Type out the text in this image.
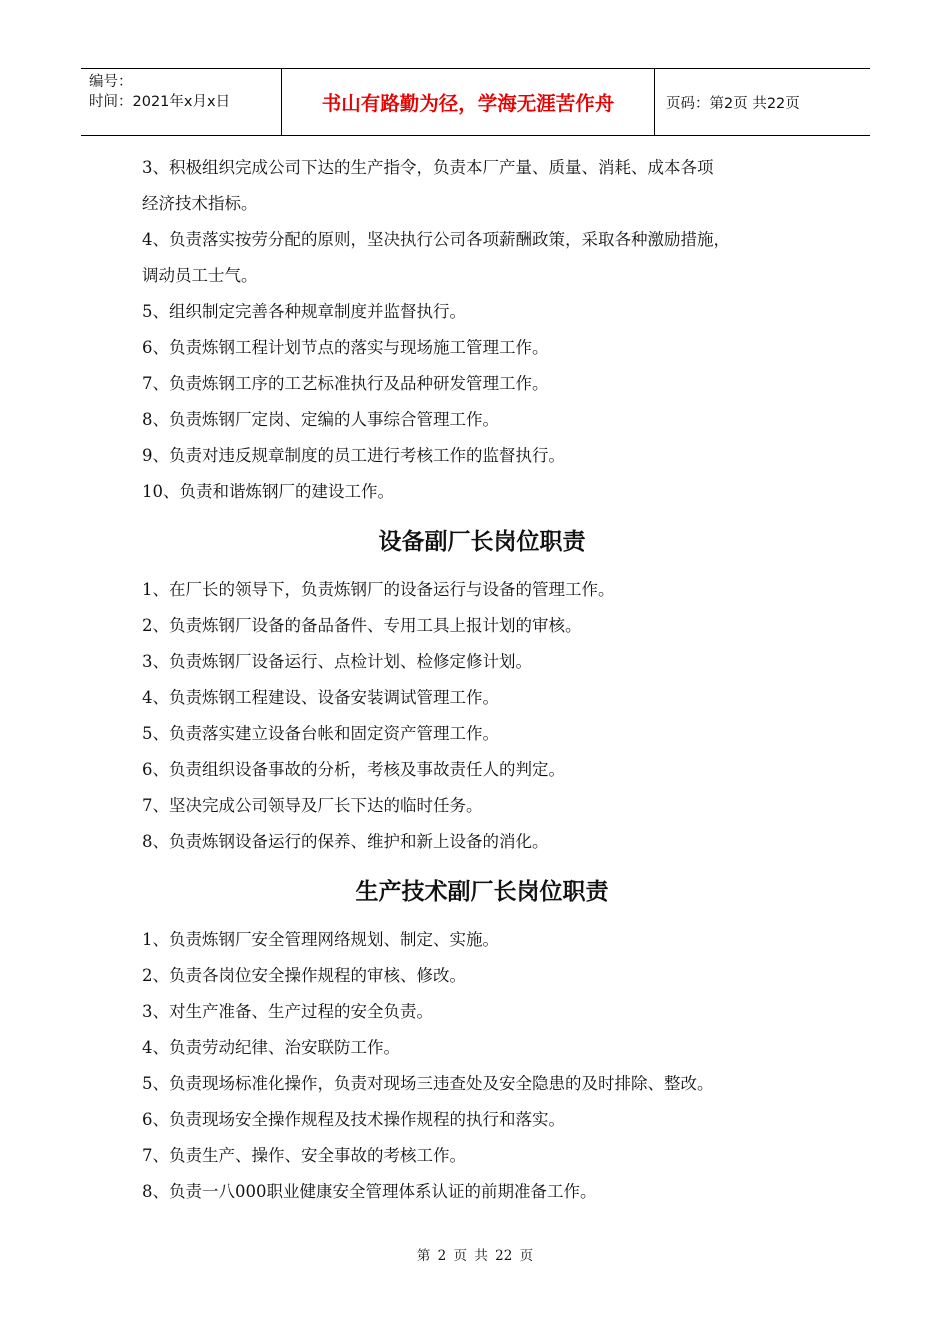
编号：
时间：2021年x月x日	书山有路勤为径，学海无涯苦作舟	页码：第2页 共22页

3、积极组织完成公司下达的生产指令，负责本厂产量、质量、消耗、成本各项

经济技术指标。

4、负责落实按劳分配的原则，坚决执行公司各项薪酬政策，采取各种激励措施，

调动员工士气。

5、组织制定完善各种规章制度并监督执行。

6、负责炼钢工程计划节点的落实与现场施工管理工作。

7、负责炼钢工序的工艺标准执行及品种研发管理工作。

8、负责炼钢厂定岗、定编的人事综合管理工作。

9、负责对违反规章制度的员工进行考核工作的监督执行。

10、负责和谐炼钢厂的建设工作。

设备副厂长岗位职责

1、在厂长的领导下，负责炼钢厂的设备运行与设备的管理工作。

2、负责炼钢厂设备的备品备件、专用工具上报计划的审核。

3、负责炼钢厂设备运行、点检计划、检修定修计划。

4、负责炼钢工程建设、设备安装调试管理工作。

5、负责落实建立设备台帐和固定资产管理工作。

6、负责组织设备事故的分析，考核及事故责任人的判定。

7、坚决完成公司领导及厂长下达的临时任务。

8、负责炼钢设备运行的保养、维护和新上设备的消化。

生产技术副厂长岗位职责

1、负责炼钢厂安全管理网络规划、制定、实施。

2、负责各岗位安全操作规程的审核、修改。

3、对生产准备、生产过程的安全负责。

4、负责劳动纪律、治安联防工作。

5、负责现场标准化操作，负责对现场三违查处及安全隐患的及时排除、整改。

6、负责现场安全操作规程及技术操作规程的执行和落实。

7、负责生产、操作、安全事故的考核工作。

8、负责一八000职业健康安全管理体系认证的前期准备工作。

第 2 页 共 22 页
